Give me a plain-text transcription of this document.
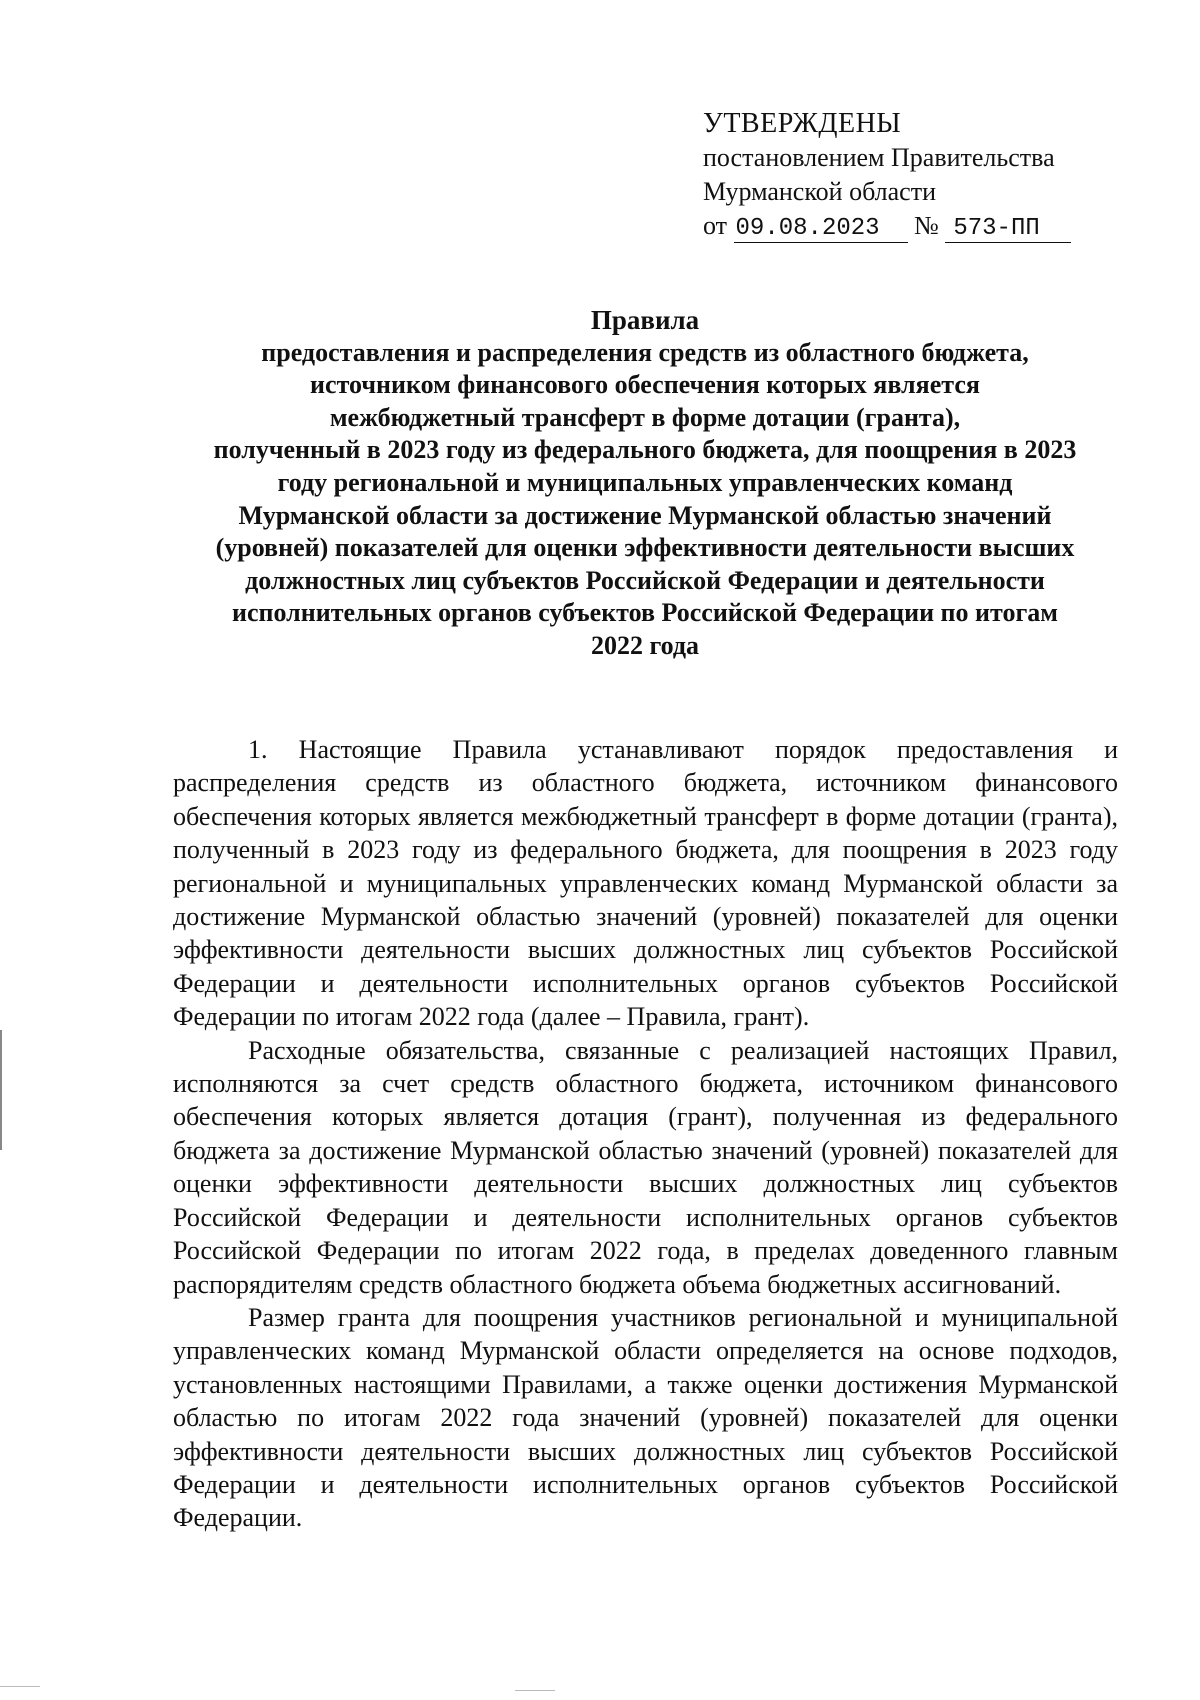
УТВЕРЖДЕНЫ
постановлением Правительства
Мурманской области
от 09.08.2023 № 573-ПП
Правила
предоставления и распределения средств из областного бюджета,
источником финансового обеспечения которых является
межбюджетный трансферт в форме дотации (гранта),
полученный в 2023 году из федерального бюджета, для поощрения в 2023
году региональной и муниципальных управленческих команд
Мурманской области за достижение Мурманской областью значений
(уровней) показателей для оценки эффективности деятельности высших
должностных лиц субъектов Российской Федерации и деятельности
исполнительных органов субъектов Российской Федерации по итогам
2022 года

1. Настоящие Правила устанавливают порядок предоставления и распределения средств из областного бюджета, источником финансового обеспечения которых является межбюджетный трансферт в форме дотации (гранта), полученный в 2023 году из федерального бюджета, для поощрения в 2023 году региональной и муниципальных управленческих команд Мурманской области за достижение Мурманской областью значений (уровней) показателей для оценки эффективности деятельности высших должностных лиц субъектов Российской Федерации и деятельности исполнительных органов субъектов Российской Федерации по итогам 2022 года (далее – Правила, грант).

Расходные обязательства, связанные с реализацией настоящих Правил, исполняются за счет средств областного бюджета, источником финансового обеспечения которых является дотация (грант), полученная из федерального бюджета за достижение Мурманской областью значений (уровней) показателей для оценки эффективности деятельности высших должностных лиц субъектов Российской Федерации и деятельности исполнительных органов субъектов Российской Федерации по итогам 2022 года, в пределах доведенного главным распорядителям средств областного бюджета объема бюджетных ассигнований.

Размер гранта для поощрения участников региональной и муниципальной управленческих команд Мурманской области определяется на основе подходов, установленных настоящими Правилами, а также оценки достижения Мурманской областью по итогам 2022 года значений (уровней) показателей для оценки эффективности деятельности высших должностных лиц субъектов Российской Федерации и деятельности исполнительных органов субъектов Российской Федерации.
